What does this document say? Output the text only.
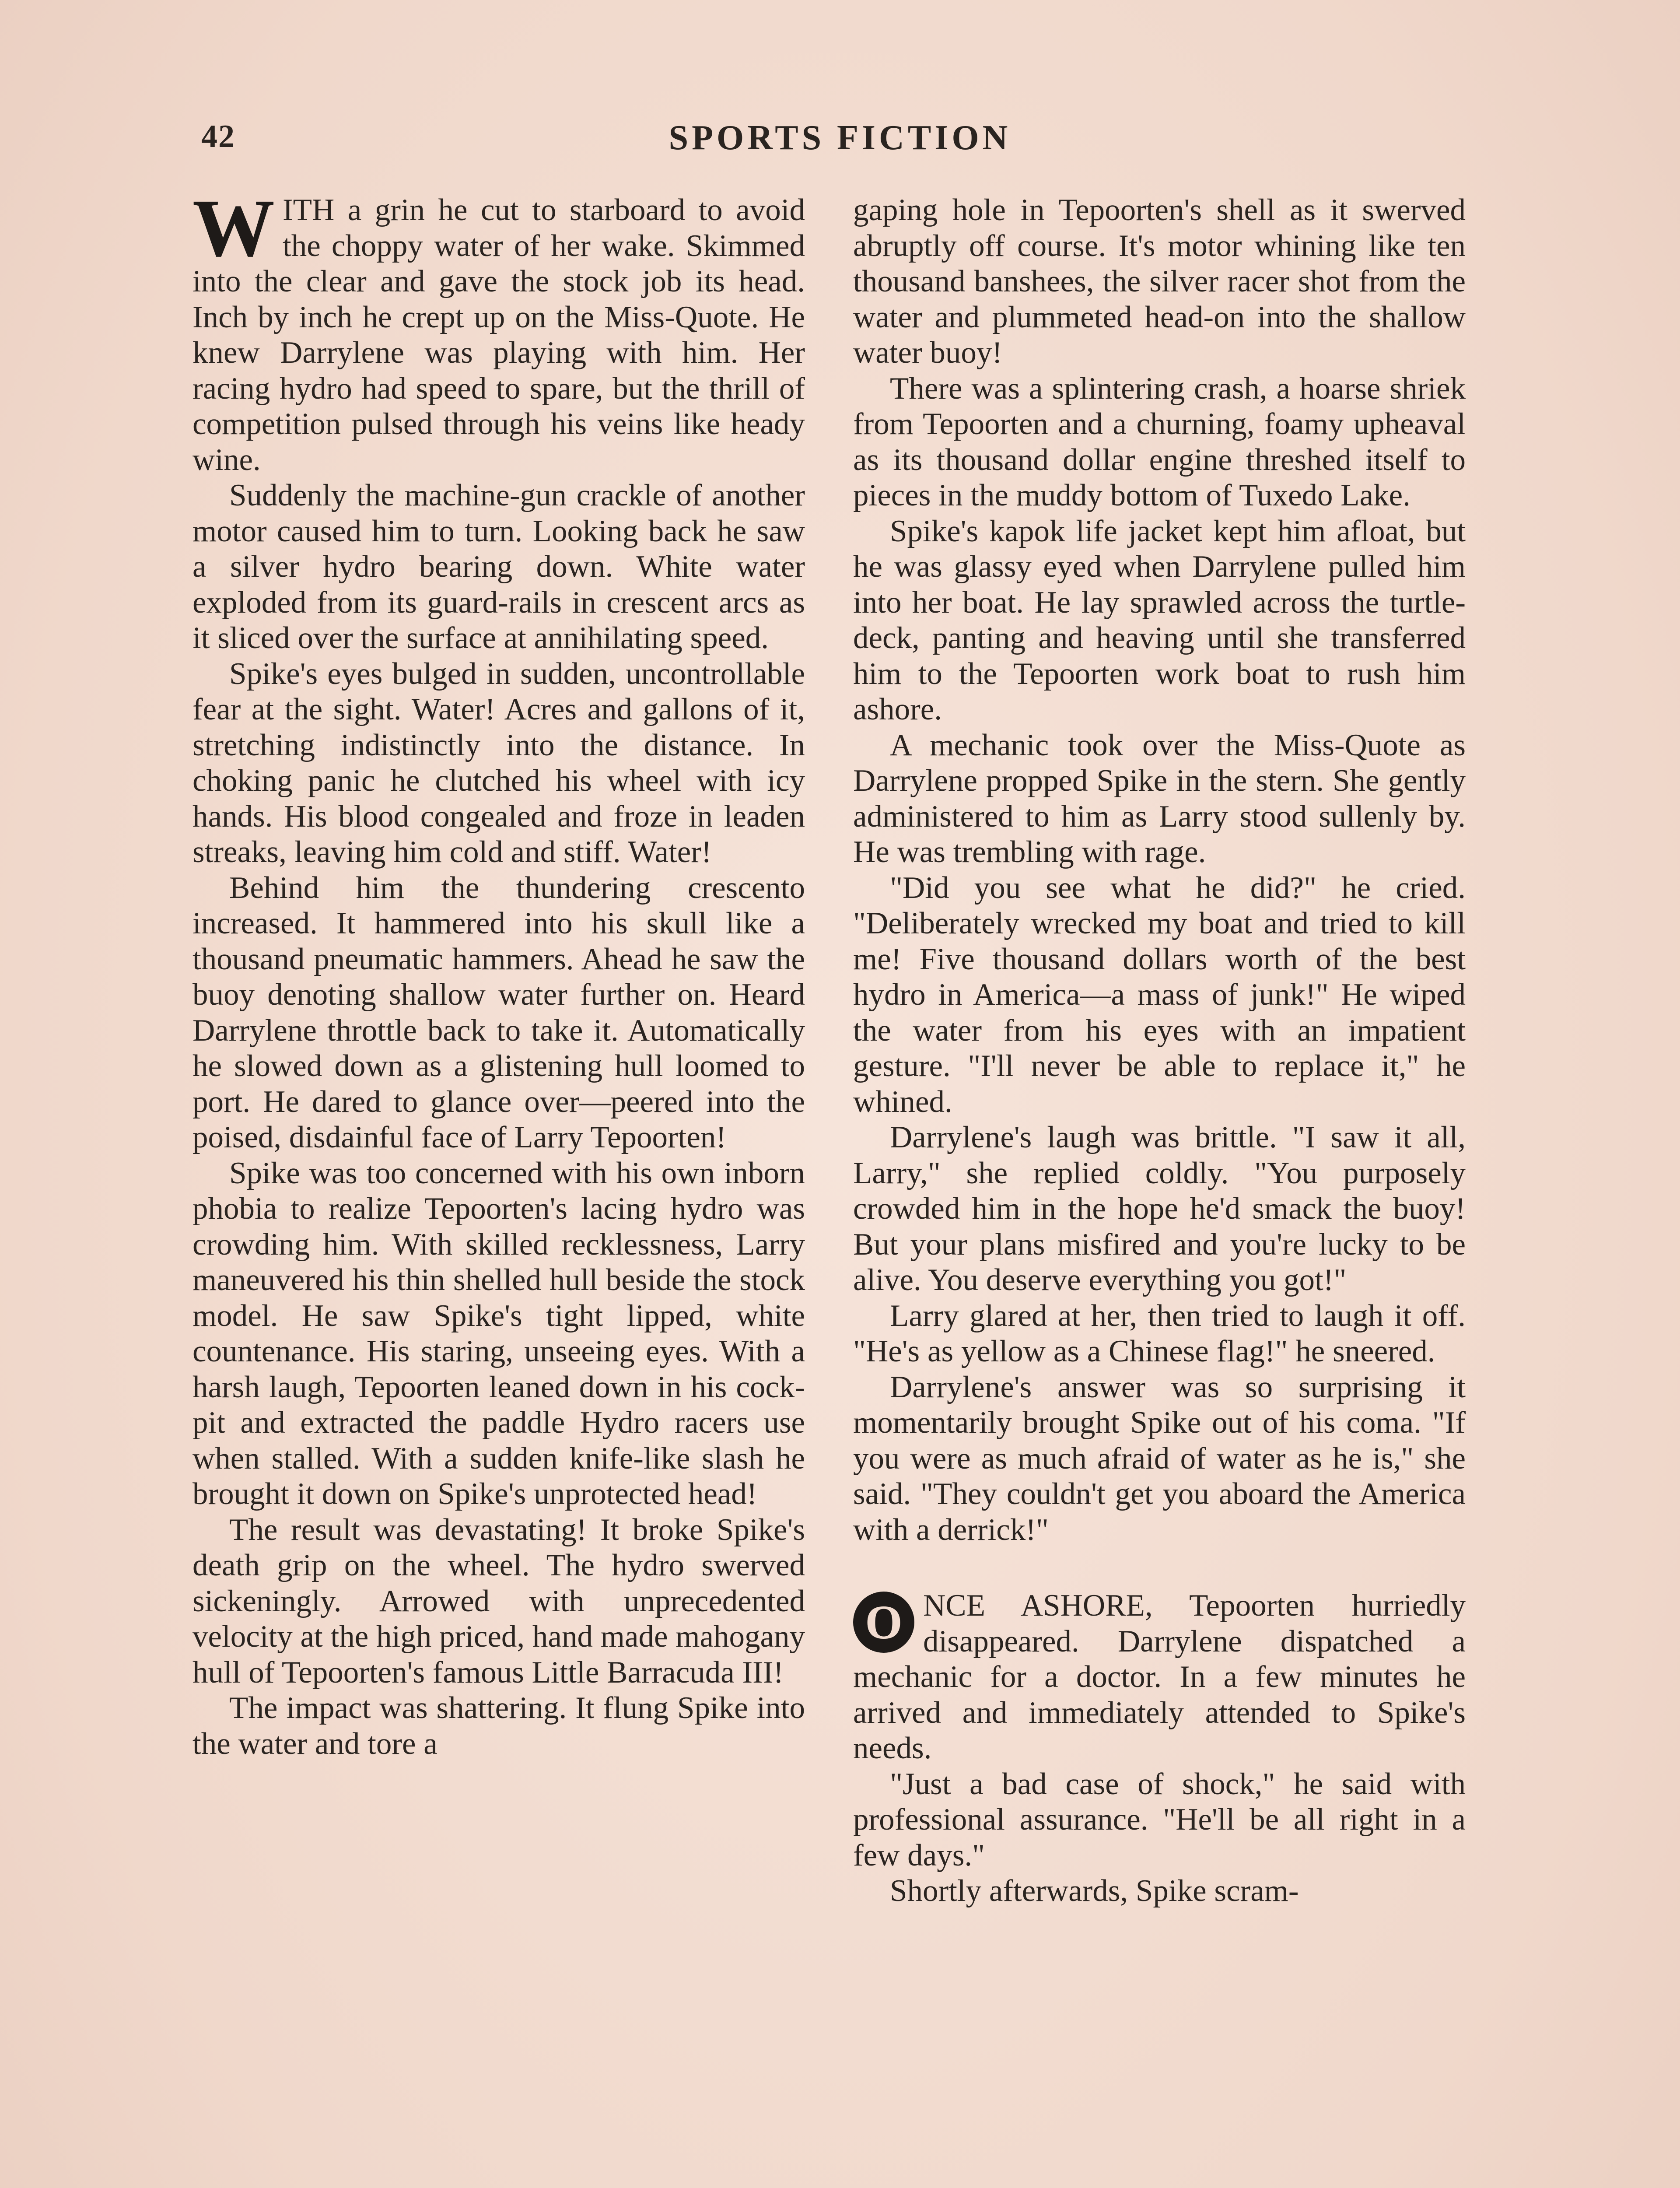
42	SPORTS FICTION

WITH a grin he cut to starboard to avoid the choppy water of her wake. Skimmed into the clear and gave the stock job its head. Inch by inch he crept up on the Miss-Quote. He knew Darrylene was playing with him. Her racing hydro had speed to spare, but the thrill of competition pulsed through his veins like heady wine.

Suddenly the machine-gun crackle of another motor caused him to turn. Looking back he saw a silver hydro bearing down. White water exploded from its guard-rails in crescent arcs as it sliced over the surface at annihilating speed.

Spike's eyes bulged in sudden, uncontrollable fear at the sight. Water! Acres and gallons of it, stretching indistinctly into the distance. In choking panic he clutched his wheel with icy hands. His blood congealed and froze in leaden streaks, leaving him cold and stiff. Water!

Behind him the thundering crescento increased. It hammered into his skull like a thousand pneumatic hammers. Ahead he saw the buoy denoting shallow water further on. Heard Darrylene throttle back to take it. Automatically he slowed down as a glistening hull loomed to port. He dared to glance over—peered into the poised, disdainful face of Larry Tepoorten!

Spike was too concerned with his own inborn phobia to realize Tepoorten's lacing hydro was crowding him. With skilled recklessness, Larry maneuvered his thin shelled hull beside the stock model. He saw Spike's tight lipped, white countenance. His staring, unseeing eyes. With a harsh laugh, Tepoorten leaned down in his cock-pit and extracted the paddle Hydro racers use when stalled. With a sudden knife-like slash he brought it down on Spike's unprotected head!

The result was devastating! It broke Spike's death grip on the wheel. The hydro swerved sickeningly. Arrowed with unprecedented velocity at the high priced, hand made mahogany hull of Tepoorten's famous Little Barracuda III!

The impact was shattering. It flung Spike into the water and tore a

gaping hole in Tepoorten's shell as it swerved abruptly off course. It's motor whining like ten thousand banshees, the silver racer shot from the water and plummeted head-on into the shallow water buoy!

There was a splintering crash, a hoarse shriek from Tepoorten and a churning, foamy upheaval as its thousand dollar engine threshed itself to pieces in the muddy bottom of Tuxedo Lake.

Spike's kapok life jacket kept him afloat, but he was glassy eyed when Darrylene pulled him into her boat. He lay sprawled across the turtle-deck, panting and heaving until she transferred him to the Tepoorten work boat to rush him ashore.

A mechanic took over the Miss-Quote as Darrylene propped Spike in the stern. She gently administered to him as Larry stood sullenly by. He was trembling with rage.

"Did you see what he did?" he cried. "Deliberately wrecked my boat and tried to kill me! Five thousand dollars worth of the best hydro in America—a mass of junk!" He wiped the water from his eyes with an impatient gesture. "I'll never be able to replace it," he whined.

Darrylene's laugh was brittle. "I saw it all, Larry," she replied coldly. "You purposely crowded him in the hope he'd smack the buoy! But your plans misfired and you're lucky to be alive. You deserve everything you got!"

Larry glared at her, then tried to laugh it off. "He's as yellow as a Chinese flag!" he sneered.

Darrylene's answer was so surprising it momentarily brought Spike out of his coma. "If you were as much afraid of water as he is," she said. "They couldn't get you aboard the America with a derrick!"

O NCE ASHORE, Tepoorten hurriedly disappeared. Darrylene dispatched a mechanic for a doctor. In a few minutes he arrived and immediately attended to Spike's needs.

"Just a bad case of shock," he said with professional assurance. "He'll be all right in a few days."

Shortly afterwards, Spike scram-
